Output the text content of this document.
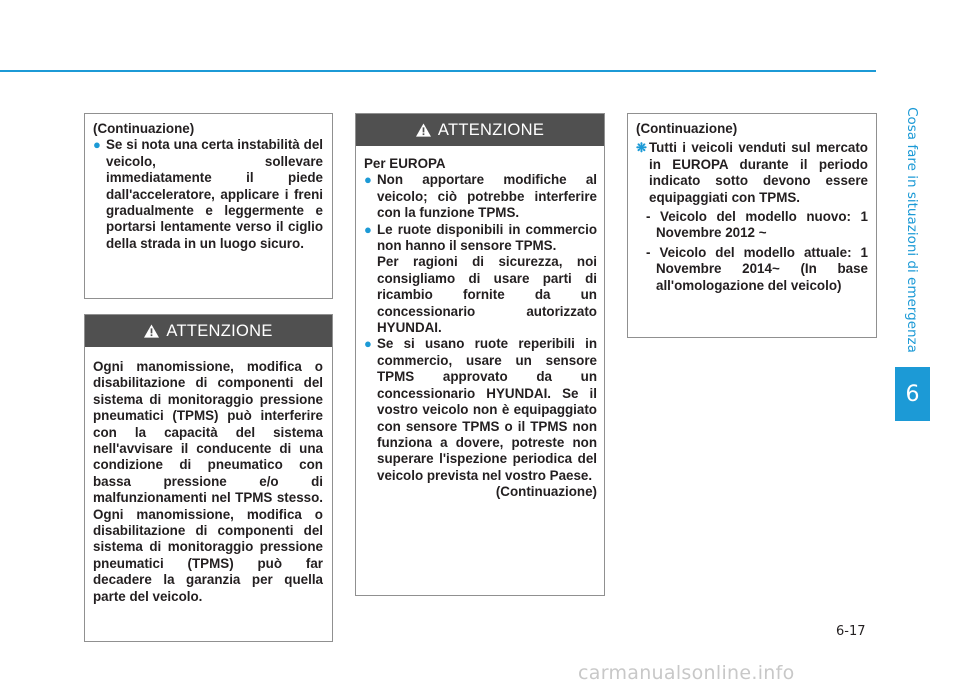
Cosa fare in situazioni di emergenza
6
6-17
carmanualsonline.info

(Continuazione)

● Se si nota una certa instabilità del veicolo, sollevare immediatamente il piede dall'acceleratore, applicare i freni gradualmente e leggermente e portarsi lentamente verso il ciglio della strada in un luogo sicuro.

ATTENZIONE

Ogni manomissione, modifica o disabilitazione di componenti del sistema di monitoraggio pressione pneumatici (TPMS) può interferire con la capacità del sistema nell'avvisare il conducente di una condizione di pneumatico con bassa pressione e/o di malfunzionamenti nel TPMS stesso. Ogni manomissione, modifica o disabilitazione di componenti del sistema di monitoraggio pressione pneumatici (TPMS) può far decadere la garanzia per quella parte del veicolo.

ATTENZIONE

Per EUROPA

● Non apportare modifiche al veicolo; ciò potrebbe interferire con la funzione TPMS.

● Le ruote disponibili in commercio non hanno il sensore TPMS.

Per ragioni di sicurezza, noi consigliamo di usare parti di ricambio fornite da un concessionario autorizzato HYUNDAI.

● Se si usano ruote reperibili in commercio, usare un sensore TPMS approvato da un concessionario HYUNDAI. Se il vostro veicolo non è equipaggiato con sensore TPMS o il TPMS non funziona a dovere, potreste non superare l'ispezione periodica del veicolo prevista nel vostro Paese.

(Continuazione)

(Continuazione)

❋ Tutti i veicoli venduti sul mercato in EUROPA durante il periodo indicato sotto devono essere equipaggiati con TPMS.

- Veicolo del modello nuovo: 1 Novembre 2012 ~

- Veicolo del modello attuale: 1 Novembre 2014~ (In base all'omologazione del veicolo)
